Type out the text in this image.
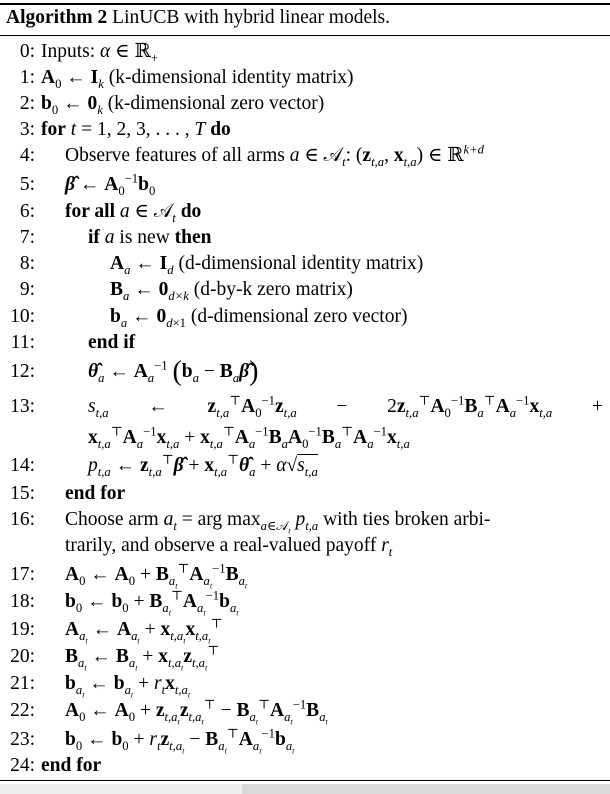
Algorithm 2 LinUCB with hybrid linear models.
0: Inputs: α ∈ ℝ$_+$
1: $A_0$ ← $I_k$ (k-dimensional identity matrix)
2: $b_0$ ← $0_k$ (k-dimensional zero vector)
3: for t = 1, 2, 3, . . . , T do
4: Observe features of all arms a ∈ 𝒜$_t$: ($z_{t,a}$, $x_{t,a}$) ∈ ℝ$^{k+d}$
5: β̂ ← $A_0^{-1}b_0$
6: for all a ∈ 𝒜$_t$ do
7:	if a is new then
8:	$A_a$ ← $I_d$ (d-dimensional identity matrix)
9:	$B_a$ ← $0_{d\times k}$ (d-by-k zero matrix)
10:	$b_a$ ← $0_{d\times 1}$ (d-dimensional zero vector)
11:	end if
12:	$\thetâ_a$ ← $A_a^{-1}$ ($b_a$ − $B_a\betâ$)
13:	$s_{t,a}$ ← $z_{t,a}^⊤A_0^{-1}z_{t,a} - 2z_{t,a}^⊤A_0^{-1}B_a^⊤A_a^{-1}x_{t,a}$ +
$x_{t,a}^⊤A_a^{-1}x_{t,a} + x_{t,a}^⊤A_a^{-1}B_aA_0^{-1}B_a^⊤A_a^{-1}x_{t,a}$
14:	$p_{t,a}$ ← $z_{t,a}^⊤\betâ$ + $x_{t,a}^⊤\thetâ_a + \alpha√s_{t,a}$
15: end for
16: Choose arm $a_t$ = arg $\max_{a\in 𝒜_t} p_{t,a}$ with ties broken arbi-
trarily, and observe a real-valued payoff $r_t$
17: $A_0$ ← $A_0 + B_{a_t}^⊤A_{a_t}^{-1}B_{a_t}$
18: $b_0$ ← $b_0 + B_{a_t}^⊤A_{a_t}^{-1}b_{a_t}$
19: $A_{a_t}$ ← $A_{a_t} + x_{t,a_t}x_{t,a_t}^⊤$
20: $B_{a_t}$ ← $B_{a_t} + x_{t,a_t}z_{t,a_t}^⊤$
21: $b_{a_t}$ ← $b_{a_t} + r_tx_{t,a_t}$
22: $A_0$ ← $A_0 + z_{t,a_t}z_{t,a_t}^⊤ - B_{a_t}^⊤A_{a_t}^{-1}B_{a_t}$
23: $b_0$ ← $b_0 + r_tz_{t,a_t} - B_{a_t}^⊤A_{a_t}^{-1}b_{a_t}$
24: end for
